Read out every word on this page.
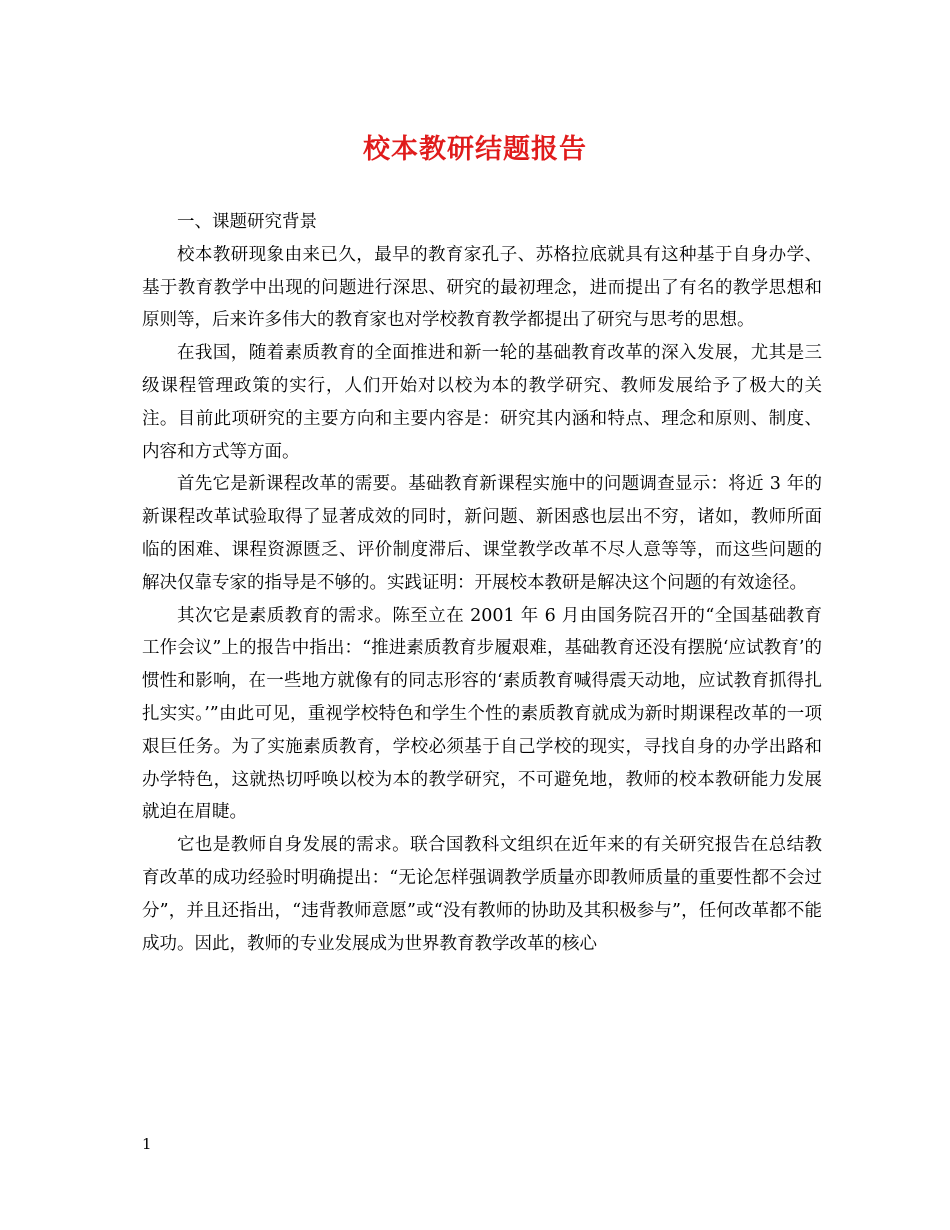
校本教研结题报告

一、课题研究背景

校本教研现象由来已久，最早的教育家孔子、苏格拉底就具有这种基于自身办学、基于教育教学中出现的问题进行深思、研究的最初理念，进而提出了有名的教学思想和原则等，后来许多伟大的教育家也对学校教育教学都提出了研究与思考的思想。

在我国，随着素质教育的全面推进和新一轮的基础教育改革的深入发展，尤其是三级课程管理政策的实行，人们开始对以校为本的教学研究、教师发展给予了极大的关注。目前此项研究的主要方向和主要内容是：研究其内涵和特点、理念和原则、制度、内容和方式等方面。

首先它是新课程改革的需要。基础教育新课程实施中的问题调查显示：将近 3 年的新课程改革试验取得了显著成效的同时，新问题、新困惑也层出不穷，诸如，教师所面临的困难、课程资源匮乏、评价制度滞后、课堂教学改革不尽人意等等，而这些问题的解决仅靠专家的指导是不够的。实践证明：开展校本教研是解决这个问题的有效途径。

其次它是素质教育的需求。陈至立在 2001 年 6 月由国务院召开的“全国基础教育工作会议”上的报告中指出：“推进素质教育步履艰难，基础教育还没有摆脱‘应试教育’的惯性和影响，在一些地方就像有的同志形容的‘素质教育喊得震天动地，应试教育抓得扎扎实实。’”由此可见，重视学校特色和学生个性的素质教育就成为新时期课程改革的一项艰巨任务。为了实施素质教育，学校必须基于自己学校的现实，寻找自身的办学出路和办学特色，这就热切呼唤以校为本的教学研究，不可避免地，教师的校本教研能力发展就迫在眉睫。

它也是教师自身发展的需求。联合国教科文组织在近年来的有关研究报告在总结教育改革的成功经验时明确提出：“无论怎样强调教学质量亦即教师质量的重要性都不会过分”，并且还指出，“违背教师意愿”或“没有教师的协助及其积极参与”，任何改革都不能成功。因此，教师的专业发展成为世界教育教学改革的核心

1
